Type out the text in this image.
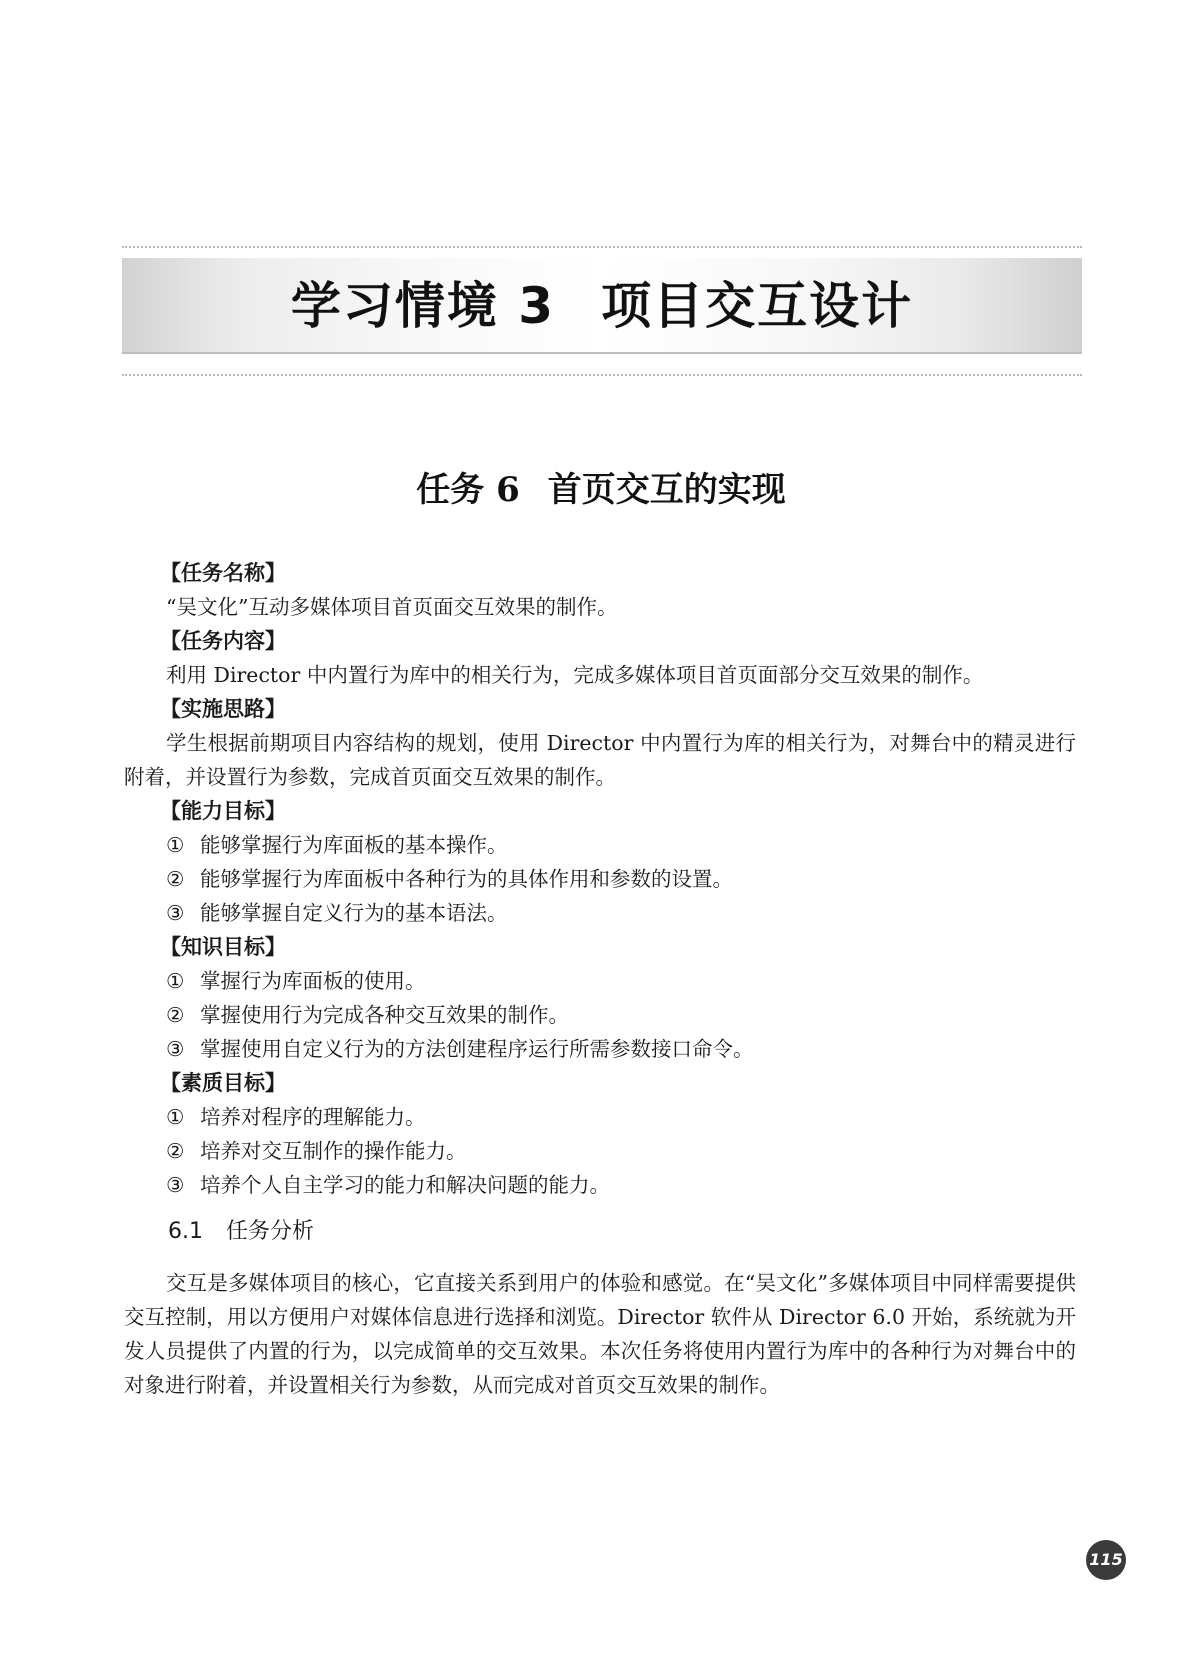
学习情境 3 项目交互设计
任务 6 首页交互的实现
【任务名称】
“吴文化”互动多媒体项目首页面交互效果的制作。
【任务内容】
利用 Director 中内置行为库中的相关行为，完成多媒体项目首页面部分交互效果的制作。
【实施思路】
学生根据前期项目内容结构的规划，使用 Director 中内置行为库的相关行为，对舞台中的精灵进行附着，并设置行为参数，完成首页面交互效果的制作。
【能力目标】
① 能够掌握行为库面板的基本操作。
② 能够掌握行为库面板中各种行为的具体作用和参数的设置。
③ 能够掌握自定义行为的基本语法。
【知识目标】
① 掌握行为库面板的使用。
② 掌握使用行为完成各种交互效果的制作。
③ 掌握使用自定义行为的方法创建程序运行所需参数接口命令。
【素质目标】
① 培养对程序的理解能力。
② 培养对交互制作的操作能力。
③ 培养个人自主学习的能力和解决问题的能力。
6.1 任务分析
交互是多媒体项目的核心，它直接关系到用户的体验和感觉。在“吴文化”多媒体项目中同样需要提供交互控制，用以方便用户对媒体信息进行选择和浏览。Director 软件从 Director 6.0 开始，系统就为开发人员提供了内置的行为，以完成简单的交互效果。本次任务将使用内置行为库中的各种行为对舞台中的对象进行附着，并设置相关行为参数，从而完成对首页交互效果的制作。
115
